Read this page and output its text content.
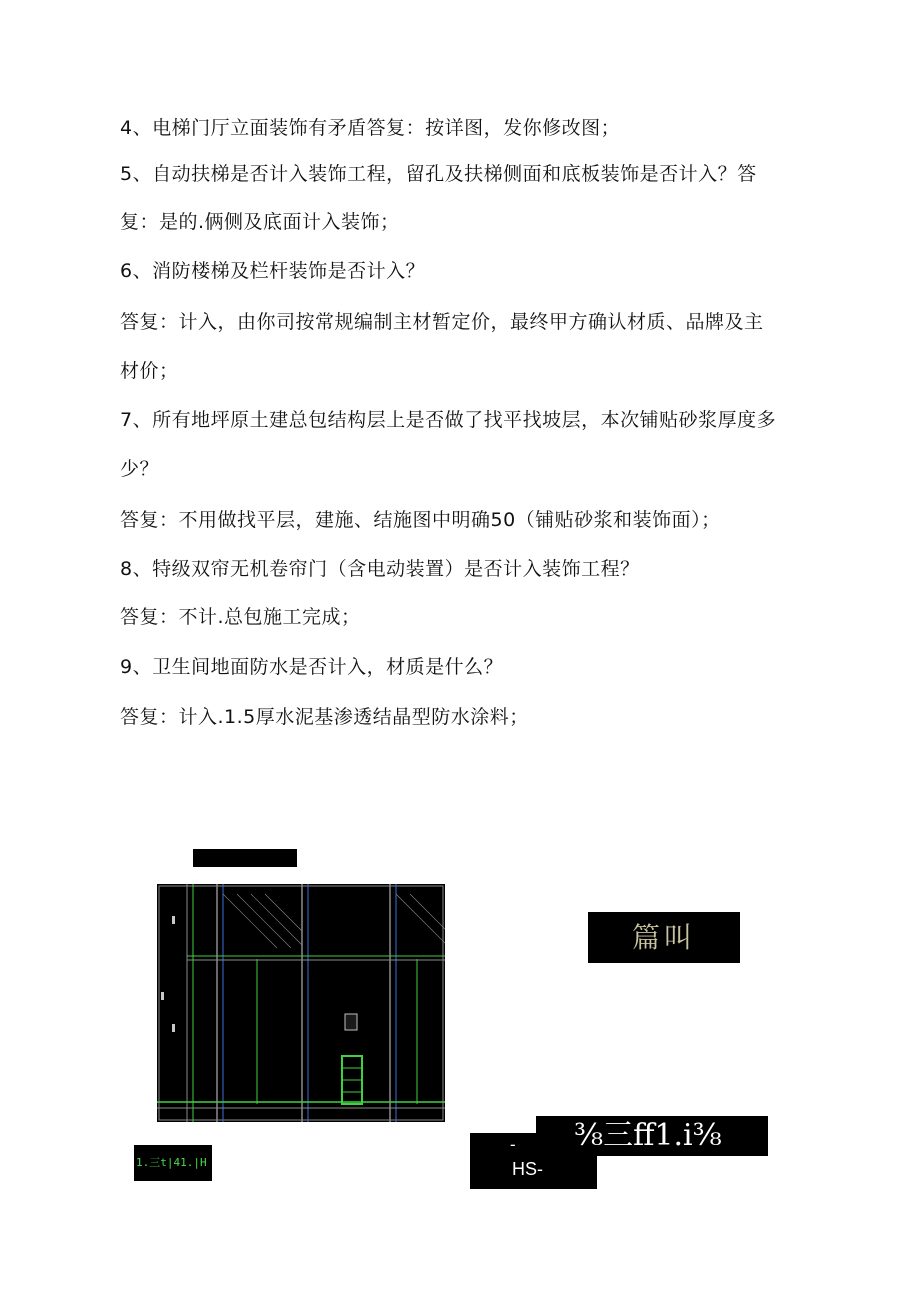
4、电梯门厅立面装饰有矛盾答复：按详图，发你修改图；
5、自动扶梯是否计入装饰工程，留孔及扶梯侧面和底板装饰是否计入？答
复：是的.俩侧及底面计入装饰；
6、消防楼梯及栏杆装饰是否计入？
答复：计入，由你司按常规编制主材暂定价，最终甲方确认材质、品牌及主
材价；
7、所有地坪原土建总包结构层上是否做了找平找坡层，本次铺贴砂浆厚度多
少？
答复：不用做找平层，建施、结施图中明确50（铺贴砂浆和装饰面）；
8、特级双帘无机卷帘门（含电动装置）是否计入装饰工程？
答复：不计.总包施工完成；
9、卫生间地面防水是否计入，材质是什么？
答复：计入.1.5厚水泥基渗透结晶型防水涂料；
1.三t|41.|H
篇叫
-
HS-
⅜三ff1.i⅜
